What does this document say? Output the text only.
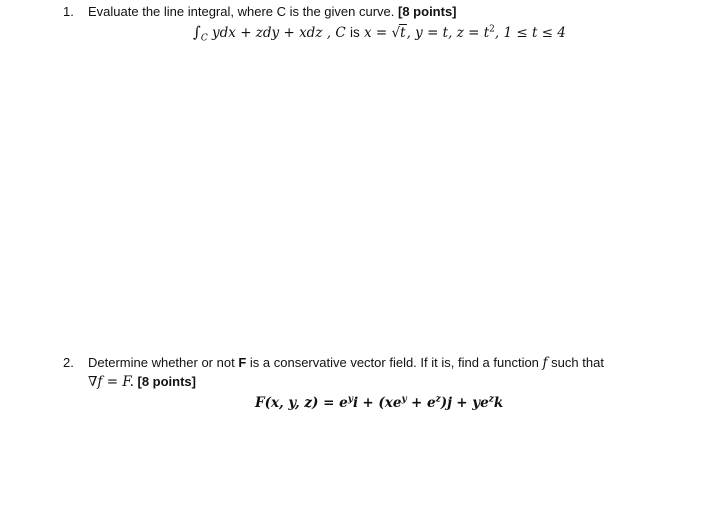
1. Evaluate the line integral, where C is the given curve. [8 points]
$\int_C$ ydx + zdy + xdz , C is x = √t, y = t, $z = t^2$, 1 ≤ t ≤ 4
2. Determine whether or not F is a conservative vector field. If it is, find a function f such that
∇f = F. [8 points]
F(x, y, $z) = e^yi + (xe^y + e^z)j + ye^zk$
